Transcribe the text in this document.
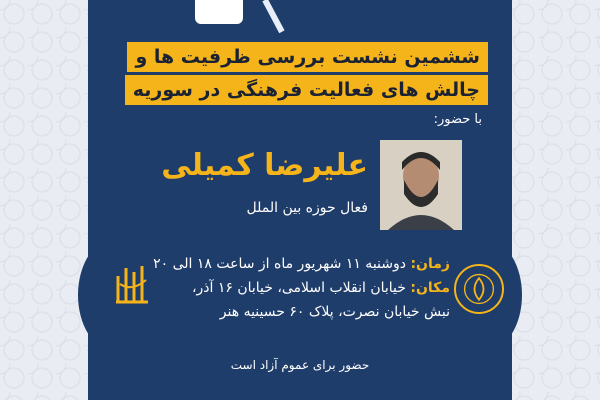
ششمین نشست بررسی ظرفیت ها و
چالش های فعالیت فرهنگی در سوریه
با حضور:
علیرضا کمیلی
فعال حوزه بین الملل
زمان: دوشنبه ۱۱ شهریور ماه از ساعت ۱۸ الی ۲۰
مکان: خیابان انقلاب اسلامی، خیابان ۱۶ آذر،
نبش خیابان نصرت، پلاک ۶۰ حسینیه هنر
حضور برای عموم آزاد است
